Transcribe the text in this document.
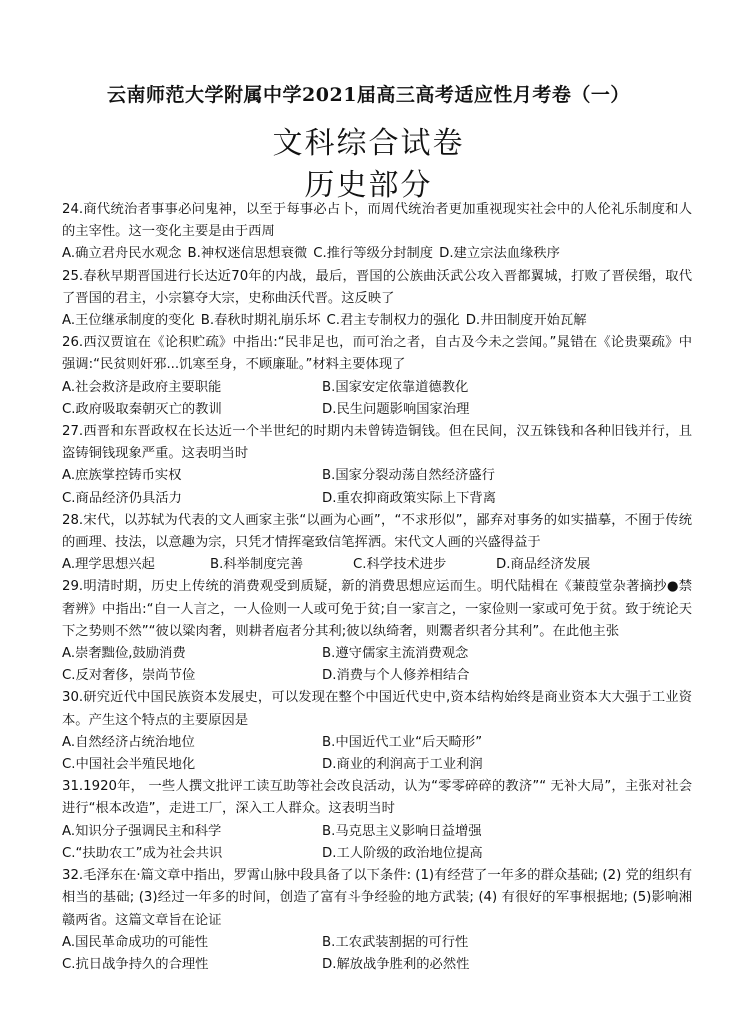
云南师范大学附属中学2021届高三高考适应性月考卷（一）
文科综合试卷
历史部分

24.商代统治者事事必问鬼神，以至于每事必占卜，而周代统治者更加重视现实社会中的人伦礼乐制度和人的主宰性。这一变化主要是由于西周

A.确立君舟民水观念 B.神权迷信思想衰微 C.推行等级分封制度 D.建立宗法血缘秩序

25.春秋早期晋国进行长达近70年的内战，最后，晋国的公族曲沃武公攻入晋都翼城，打败了晋侯缗，取代了晋国的君主，小宗篡夺大宗，史称曲沃代晋。这反映了

A.王位继承制度的变化 B.春秋时期礼崩乐坏 C.君主专制权力的强化 D.井田制度开始瓦解

26.西汉贾谊在《论积贮疏》中指出:“民非足也，而可治之者，自古及今未之尝闻。”晁错在《论贵粟疏》中强调:“民贫则奸邪...饥寒至身，不顾廉耻。”材料主要体现了

A.社会救济是政府主要职能	B.国家安定依靠道德教化
C.政府吸取秦朝灭亡的教训	D.民生问题影响国家治理

27.西晋和东晋政权在长达近一个半世纪的时期内未曾铸造铜钱。但在民间，汉五铢钱和各种旧钱并行，且盗铸铜钱现象严重。这表明当时

A.庶族掌控铸币实权	B.国家分裂动荡自然经济盛行
C.商品经济仍具活力	D.重农抑商政策实际上下背离

28.宋代，以苏轼为代表的文人画家主张“以画为心画”，“不求形似”，鄙弃对事务的如实描摹，不囿于传统的画理、技法，以意趣为宗，只凭才情挥毫致信笔挥洒。宋代文人画的兴盛得益于

A.理学思想兴起	B.科举制度完善	C.科学技术进步	D.商品经济发展

29.明清时期，历史上传统的消费观受到质疑，新的消费思想应运而生。明代陆楫在《蒹葭堂杂著摘抄●禁奢辨》中指出:“自一人言之，一人俭则一人或可免于贫;自一家言之，一家俭则一家或可免于贫。致于统论天下之势则不然”“彼以粱肉奢，则耕者庖者分其利;彼以纨绮奢，则鬻者织者分其利”。在此他主张

A.崇奢黜俭,鼓励消费	B.遵守儒家主流消费观念
C.反对奢侈，崇尚节俭	D.消费与个人修养相结合

30.研究近代中国民族资本发展史，可以发现在整个中国近代史中,资本结构始终是商业资本大大强于工业资本。产生这个特点的主要原因是

A.自然经济占统治地位	B.中国近代工业“后天畸形”
C.中国社会半殖民地化	D.商业的利润高于工业利润

31.1920年， 一些人撰文批评工读互助等社会改良活动，认为“零零碎碎的教济”“ 无补大局”，主张对社会进行“根本改造”，走进工厂，深入工人群众。这表明当时

A.知识分子强调民主和科学	B.马克思主义影响日益增强
C.“扶助农工”成为社会共识	D.工人阶级的政治地位提高

32.毛泽东在·篇文章中指出，罗霄山脉中段具备了以下条件: (1)有经营了一年多的群众基础; (2) 党的组织有相当的基础; (3)经过一年多的时间，创造了富有斗争经验的地方武装; (4) 有很好的军事根据地; (5)影响湘赣两省。这篇文章旨在论证

A.国民革命成功的可能性	B.工农武装割据的可行性
C.抗日战争持久的合理性	D.解放战争胜利的必然性
